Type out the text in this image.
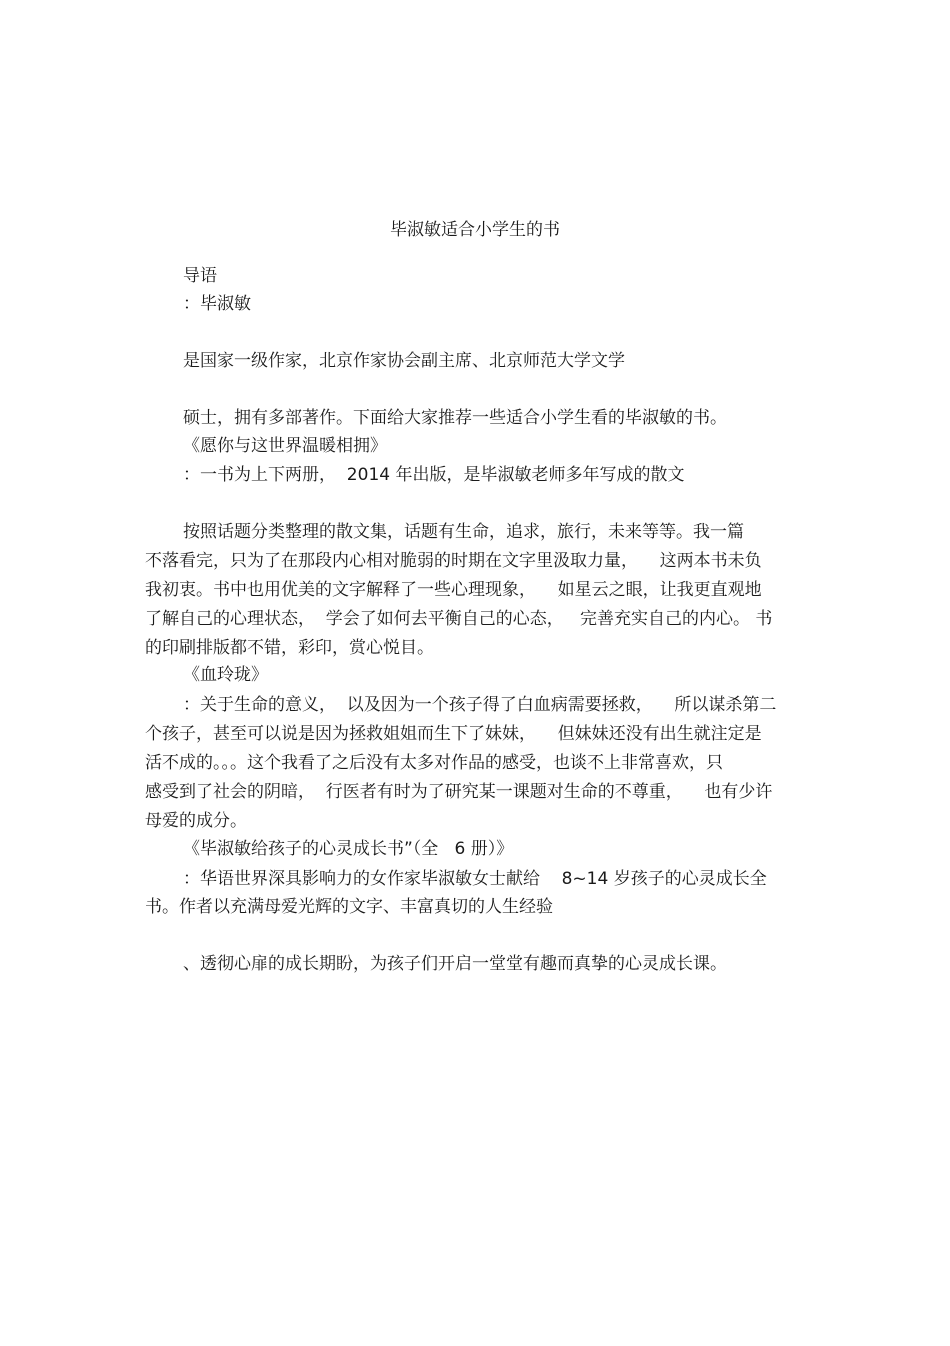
毕淑敏适合小学生的书
导语
：毕淑敏
是国家一级作家，北京作家协会副主席、北京师范大学文学
硕士，拥有多部著作。下面给大家推荐一些适合小学生看的毕淑敏的书。
《愿你与这世界温暖相拥》
：一书为上下两册，  2014 年出版，是毕淑敏老师多年写成的散文
按照话题分类整理的散文集，话题有生命，追求，旅行，未来等等。我一篇
不落看完，只为了在那段内心相对脆弱的时期在文字里汲取力量，    这两本书未负
我初衷。书中也用优美的文字解释了一些心理现象，    如星云之眼，让我更直观地
了解自己的心理状态，  学会了如何去平衡自己的心态，   完善充实自己的内心。 书
的印刷排版都不错，彩印，赏心悦目。
《血玲珑》
：关于生命的意义，  以及因为一个孩子得了白血病需要拯救，    所以谋杀第二
个孩子，甚至可以说是因为拯救姐姐而生下了妹妹，    但妹妹还没有出生就注定是
活不成的。。。这个我看了之后没有太多对作品的感受，也谈不上非常喜欢，只
感受到了社会的阴暗，  行医者有时为了研究某一课题对生命的不尊重，    也有少许
母爱的成分。
《毕淑敏给孩子的心灵成长书”（全   6 册）》
：华语世界深具影响力的女作家毕淑敏女士献给    8~14 岁孩子的心灵成长全
书。作者以充满母爱光辉的文字、丰富真切的人生经验
、透彻心扉的成长期盼，为孩子们开启一堂堂有趣而真挚的心灵成长课。
